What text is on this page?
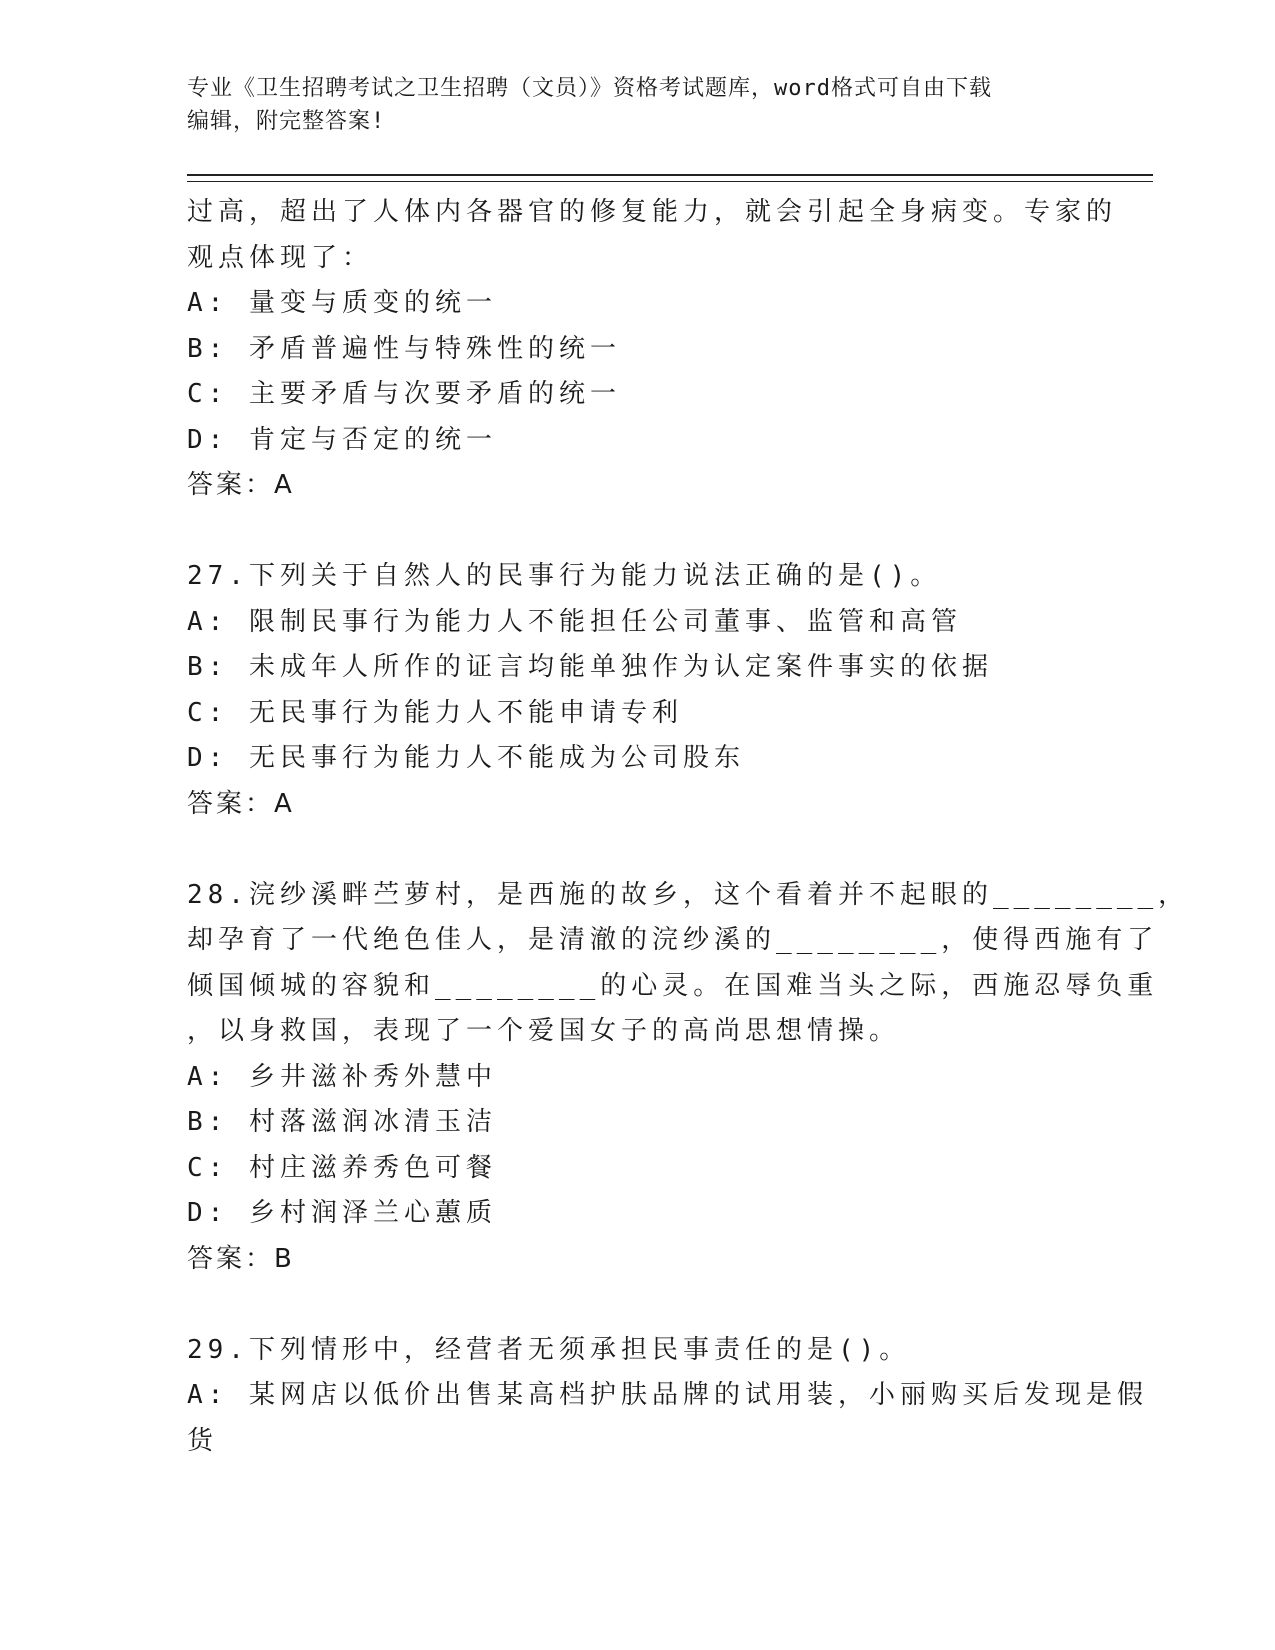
专业《卫生招聘考试之卫生招聘（文员）》资格考试题库，word格式可自由下载
编辑，附完整答案!
过高，超出了人体内各器官的修复能力，就会引起全身病变。专家的
观点体现了：
A: 量变与质变的统一
B: 矛盾普遍性与特殊性的统一
C: 主要矛盾与次要矛盾的统一
D: 肯定与否定的统一
答案：A
27.下列关于自然人的民事行为能力说法正确的是()。
A: 限制民事行为能力人不能担任公司董事、监管和高管
B: 未成年人所作的证言均能单独作为认定案件事实的依据
C: 无民事行为能力人不能申请专利
D: 无民事行为能力人不能成为公司股东
答案：A
28.浣纱溪畔苎萝村，是西施的故乡，这个看着并不起眼的________，
却孕育了一代绝色佳人，是清澈的浣纱溪的________，使得西施有了
倾国倾城的容貌和________的心灵。在国难当头之际，西施忍辱负重
，以身救国，表现了一个爱国女子的高尚思想情操。
A: 乡井滋补秀外慧中
B: 村落滋润冰清玉洁
C: 村庄滋养秀色可餐
D: 乡村润泽兰心蕙质
答案：B
29.下列情形中，经营者无须承担民事责任的是()。
A: 某网店以低价出售某高档护肤品牌的试用装，小丽购买后发现是假
货
